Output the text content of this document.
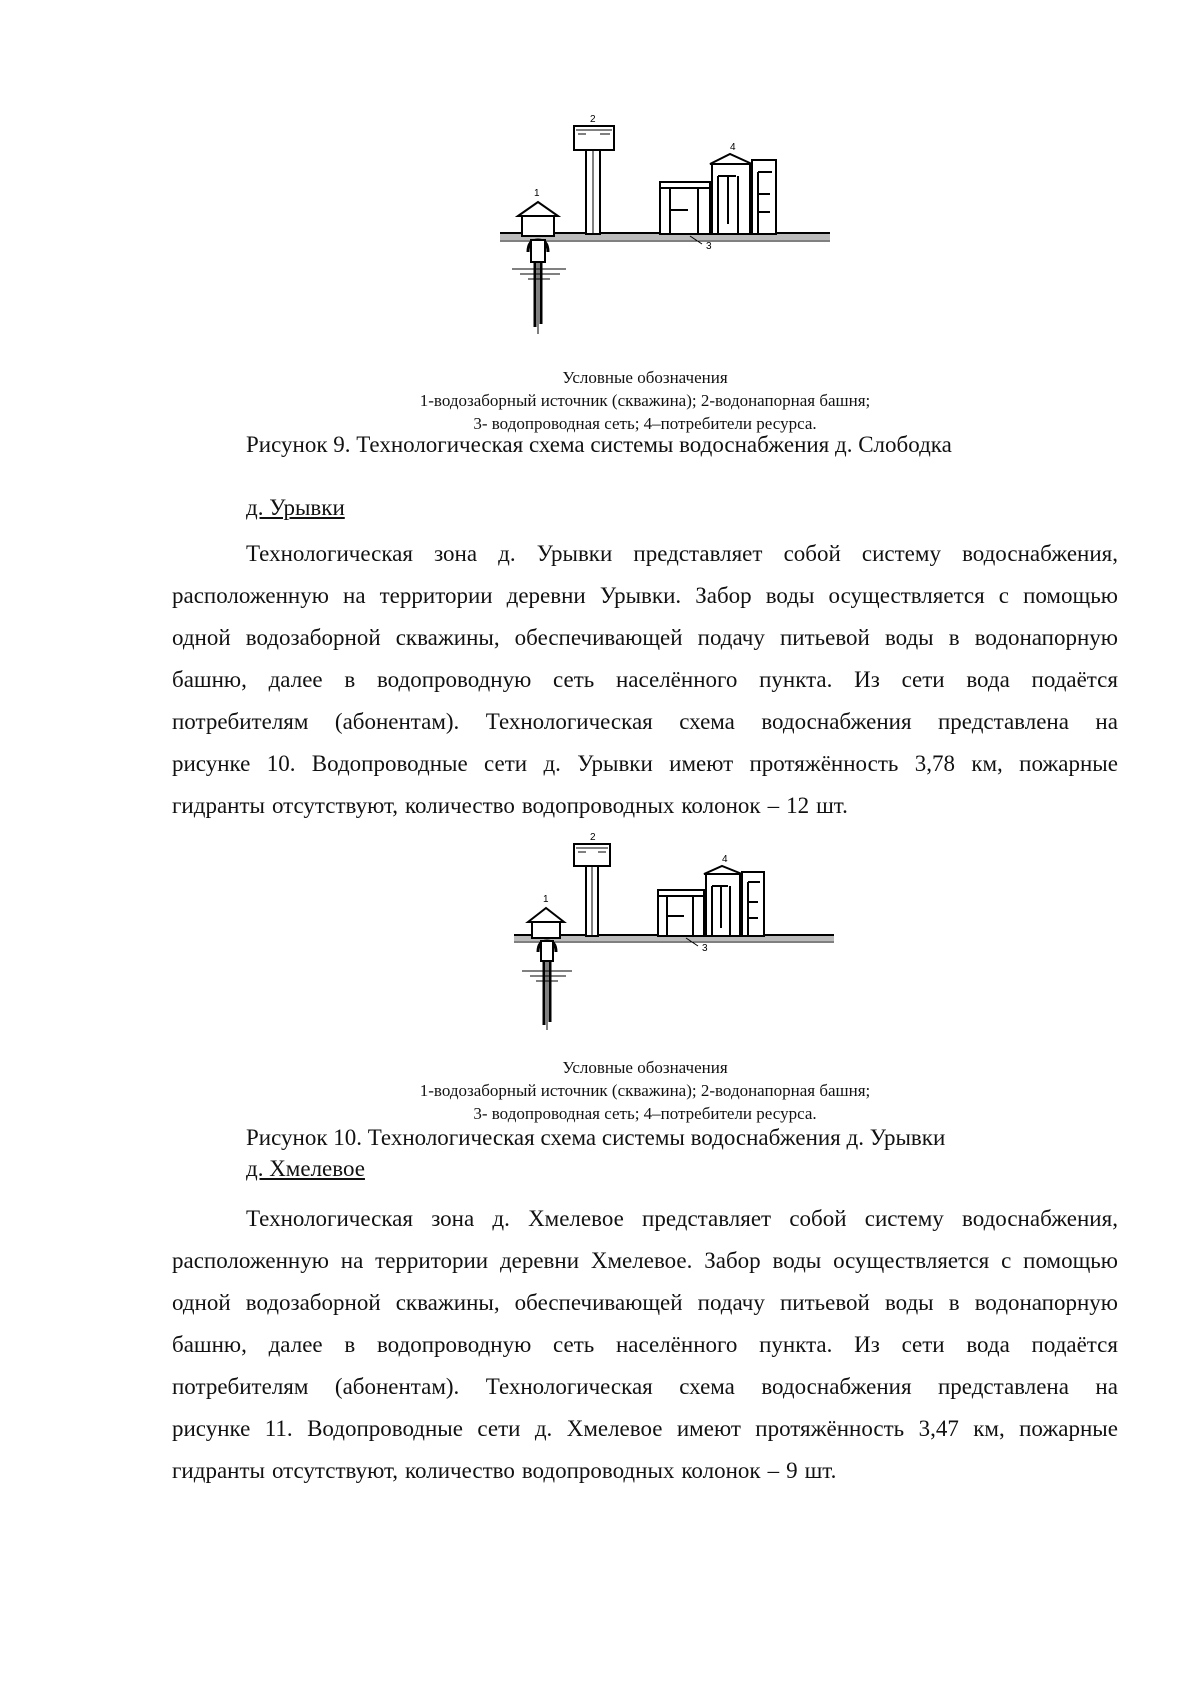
1
2
3
4
Условные обозначения
1-водозаборный источник (скважина); 2-водонапорная башня;
3- водопроводная сеть; 4–потребители ресурса.
Рисунок 9. Технологическая схема системы водоснабжения д. Слободка
д. Урывки
Технологическая зона д. Урывки представляет собой систему водоснабжения,
расположенную на территории деревни Урывки. Забор воды осуществляется с помощью
одной водозаборной скважины, обеспечивающей подачу питьевой воды в водонапорную
башню, далее в водопроводную сеть населённого пункта. Из сети вода подаётся
потребителям (абонентам). Технологическая схема водоснабжения представлена на
рисунке 10. Водопроводные сети д. Урывки имеют протяжённость 3,78 км, пожарные
гидранты отсутствуют, количество водопроводных колонок – 12 шт.
1
2
3
4
Условные обозначения
1-водозаборный источник (скважина); 2-водонапорная башня;
3- водопроводная сеть; 4–потребители ресурса.
Рисунок 10. Технологическая схема системы водоснабжения д. Урывки
д. Хмелевое
Технологическая зона д. Хмелевое представляет собой систему водоснабжения,
расположенную на территории деревни Хмелевое. Забор воды осуществляется с помощью
одной водозаборной скважины, обеспечивающей подачу питьевой воды в водонапорную
башню, далее в водопроводную сеть населённого пункта. Из сети вода подаётся
потребителям (абонентам). Технологическая схема водоснабжения представлена на
рисунке 11. Водопроводные сети д. Хмелевое имеют протяжённость 3,47 км, пожарные
гидранты отсутствуют, количество водопроводных колонок – 9 шт.
